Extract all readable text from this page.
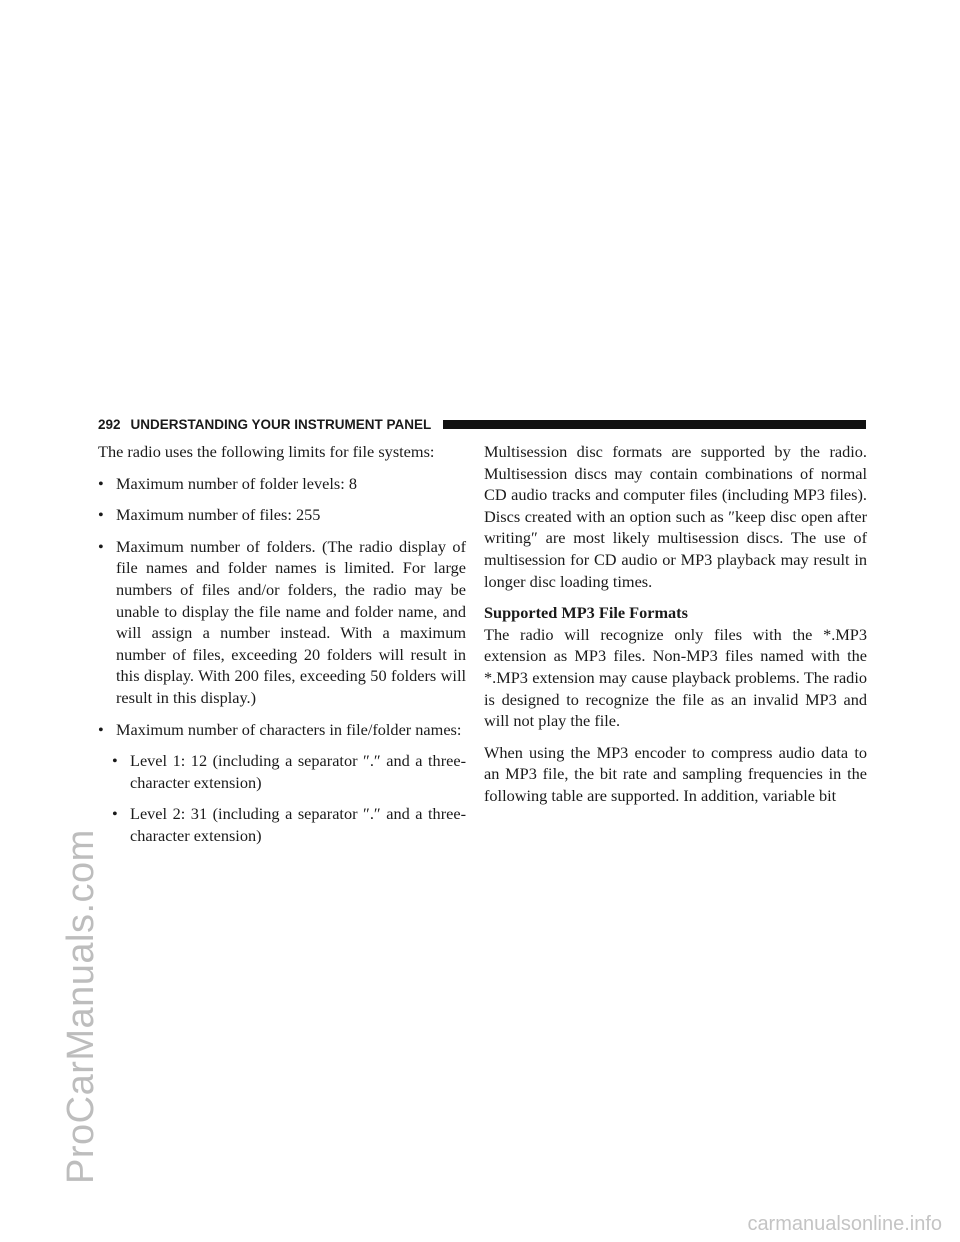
ProCarManuals.com
292 UNDERSTANDING YOUR INSTRUMENT PANEL

The radio uses the following limits for file systems:

• Maximum number of folder levels: 8
• Maximum number of files: 255
• Maximum number of folders. (The radio display of file names and folder names is limited. For large numbers of files and/or folders, the radio may be unable to display the file name and folder name, and will assign a number instead. With a maximum number of files, exceeding 20 folders will result in this display. With 200 files, exceeding 50 folders will result in this display.)
• Maximum number of characters in file/folder names:
• Level 1: 12 (including a separator ″.″ and a three-character extension)
• Level 2: 31 (including a separator ″.″ and a three-character extension)

Multisession disc formats are supported by the radio. Multisession discs may contain combinations of normal CD audio tracks and computer files (including MP3 files). Discs created with an option such as ″keep disc open after writing″ are most likely multisession discs. The use of multisession for CD audio or MP3 playback may result in longer disc loading times.

Supported MP3 File Formats

The radio will recognize only files with the *.MP3 extension as MP3 files. Non-MP3 files named with the *.MP3 extension may cause playback problems. The radio is designed to recognize the file as an invalid MP3 and will not play the file.

When using the MP3 encoder to compress audio data to an MP3 file, the bit rate and sampling frequencies in the following table are supported. In addition, variable bit

carmanualsonline.info
